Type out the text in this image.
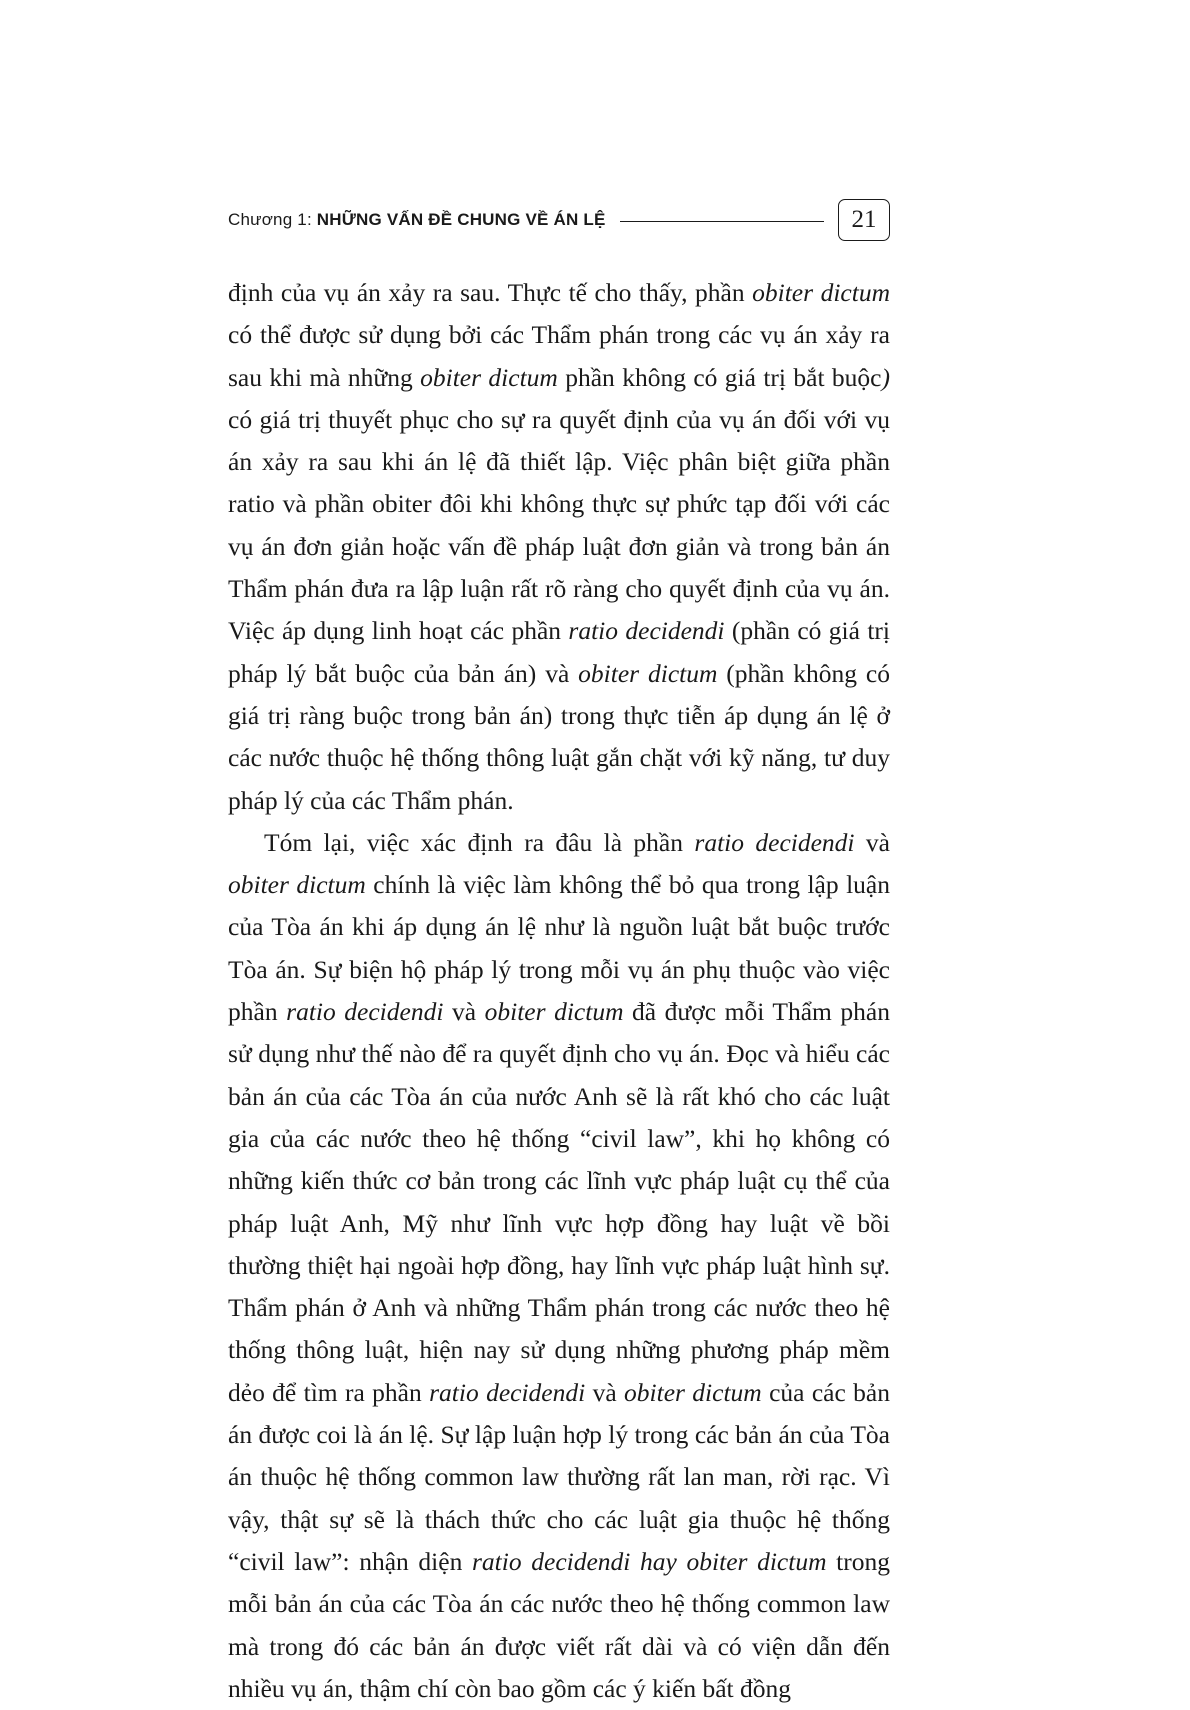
Chương 1: NHỮNG VẤN ĐỀ CHUNG VỀ ÁN LỆ	21

định của vụ án xảy ra sau. Thực tế cho thấy, phần obiter dictum có thể được sử dụng bởi các Thẩm phán trong các vụ án xảy ra sau khi mà những obiter dictum phần không có giá trị bắt buộc) có giá trị thuyết phục cho sự ra quyết định của vụ án đối với vụ án xảy ra sau khi án lệ đã thiết lập. Việc phân biệt giữa phần ratio và phần obiter đôi khi không thực sự phức tạp đối với các vụ án đơn giản hoặc vấn đề pháp luật đơn giản và trong bản án Thẩm phán đưa ra lập luận rất rõ ràng cho quyết định của vụ án. Việc áp dụng linh hoạt các phần ratio decidendi (phần có giá trị pháp lý bắt buộc của bản án) và obiter dictum (phần không có giá trị ràng buộc trong bản án) trong thực tiễn áp dụng án lệ ở các nước thuộc hệ thống thông luật gắn chặt với kỹ năng, tư duy pháp lý của các Thẩm phán.

Tóm lại, việc xác định ra đâu là phần ratio decidendi và obiter dictum chính là việc làm không thể bỏ qua trong lập luận của Tòa án khi áp dụng án lệ như là nguồn luật bắt buộc trước Tòa án. Sự biện hộ pháp lý trong mỗi vụ án phụ thuộc vào việc phần ratio decidendi và obiter dictum đã được mỗi Thẩm phán sử dụng như thế nào để ra quyết định cho vụ án. Đọc và hiểu các bản án của các Tòa án của nước Anh sẽ là rất khó cho các luật gia của các nước theo hệ thống “civil law”, khi họ không có những kiến thức cơ bản trong các lĩnh vực pháp luật cụ thể của pháp luật Anh, Mỹ như lĩnh vực hợp đồng hay luật về bồi thường thiệt hại ngoài hợp đồng, hay lĩnh vực pháp luật hình sự. Thẩm phán ở Anh và những Thẩm phán trong các nước theo hệ thống thông luật, hiện nay sử dụng những phương pháp mềm dẻo để tìm ra phần ratio decidendi và obiter dictum của các bản án được coi là án lệ. Sự lập luận hợp lý trong các bản án của Tòa án thuộc hệ thống common law thường rất lan man, rời rạc. Vì vậy, thật sự sẽ là thách thức cho các luật gia thuộc hệ thống “civil law”: nhận diện ratio decidendi hay obiter dictum trong mỗi bản án của các Tòa án các nước theo hệ thống common law mà trong đó các bản án được viết rất dài và có viện dẫn đến nhiều vụ án, thậm chí còn bao gồm các ý kiến bất đồng
